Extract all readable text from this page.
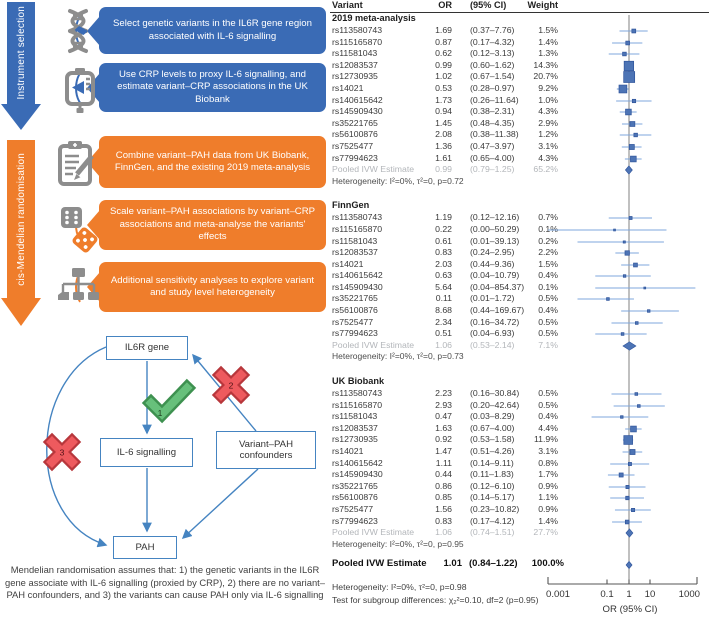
Instrument selection
cis-Mendelian randomisation
Select genetic variants in the IL6R gene region associated with IL-6 signalling
Use CRP levels to proxy IL-6 signalling, and estimate variant–CRP associations in the UK Biobank
Combine variant–PAH data from UK Biobank, FinnGen, and the existing 2019 meta-analysis
Scale variant–PAH associations by variant–CRP associations and meta-analyse the variants' effects
Additional sensitivity analyses to explore variant and study level heterogeneity
1
2
3
IL6R gene
IL-6 signalling
Variant–PAH confounders
PAH
Mendelian randomisation assumes that: 1) the genetic variants in the IL6R gene associate with IL-6 signalling (proxied by CRP), 2) there are no variant–PAH confounders, and 3) the variants can cause PAH only via IL-6 signalling
Variant	OR (95% CI)	Weight
2019 meta-analysis
rs113580743	1.69 (0.37–7.76)	1.5%
rs115165870	0.87 (0.17–4.32)	1.4%
rs11581043	0.62 (0.12–3.13)	1.3%
rs12083537	0.99 (0.60–1.62)	14.3%
rs12730935	1.02 (0.67–1.54)	20.7%
rs14021	0.53 (0.28–0.97)	9.2%
rs140615642	1.73 (0.26–11.64)	1.0%
rs145909430	0.94 (0.38–2.31)	4.3%
rs35221765	1.45 (0.48–4.35)	2.9%
rs56100876	2.08 (0.38–11.38)	1.2%
rs7525477	1.36 (0.47–3.97)	3.1%
rs77994623	1.61 (0.65–4.00)	4.3%
Pooled IVW Estimate	0.99 (0.79–1.25)	65.2%
Heterogeneity: I²=0%, τ²=0, p=0.72
FinnGen
rs113580743	1.19 (0.12–12.16)	0.7%
rs115165870	0.22 (0.00–50.29)	0.1%
rs11581043	0.61 (0.01–39.13)	0.2%
rs12083537	0.83 (0.24–2.95)	2.2%
rs14021	2.03 (0.44–9.36)	1.5%
rs140615642	0.63 (0.04–10.79)	0.4%
rs145909430	5.64 (0.04–854.37)	0.1%
rs35221765	0.11 (0.01–1.72)	0.5%
rs56100876	8.68 (0.44–169.67)	0.4%
rs7525477	2.34 (0.16–34.72)	0.5%
rs77994623	0.51 (0.04–6.93)	0.5%
Pooled IVW Estimate	1.06 (0.53–2.14)	7.1%
Heterogeneity: I²=0%, τ²=0, p=0.73
UK Biobank
rs113580743	2.23 (0.16–30.84)	0.5%
rs115165870	2.93 (0.20–42.64)	0.5%
rs11581043	0.47 (0.03–8.29)	0.4%
rs12083537	1.63 (0.67–4.00)	4.4%
rs12730935	0.92 (0.53–1.58)	11.9%
rs14021	1.47 (0.51–4.26)	3.1%
rs140615642	1.11 (0.14–9.11)	0.8%
rs145909430	0.44 (0.11–1.83)	1.7%
rs35221765	0.86 (0.12–6.10)	0.9%
rs56100876	0.85 (0.14–5.17)	1.1%
rs7525477	1.56 (0.23–10.82)	0.9%
rs77994623	0.83 (0.17–4.12)	1.4%
Pooled IVW Estimate	1.06 (0.74–1.51)	27.7%
Heterogeneity: I²=0%, τ²=0, p=0.95
Pooled IVW Estimate	1.01 (0.84–1.22)	100.0%
Heterogeneity: I²=0%, τ²=0, p=0.98
Test for subgroup differences: χ₂²=0.10, df=2 (p=0.95)
OR (95% CI)
0.001	0.1 1 10 1000
